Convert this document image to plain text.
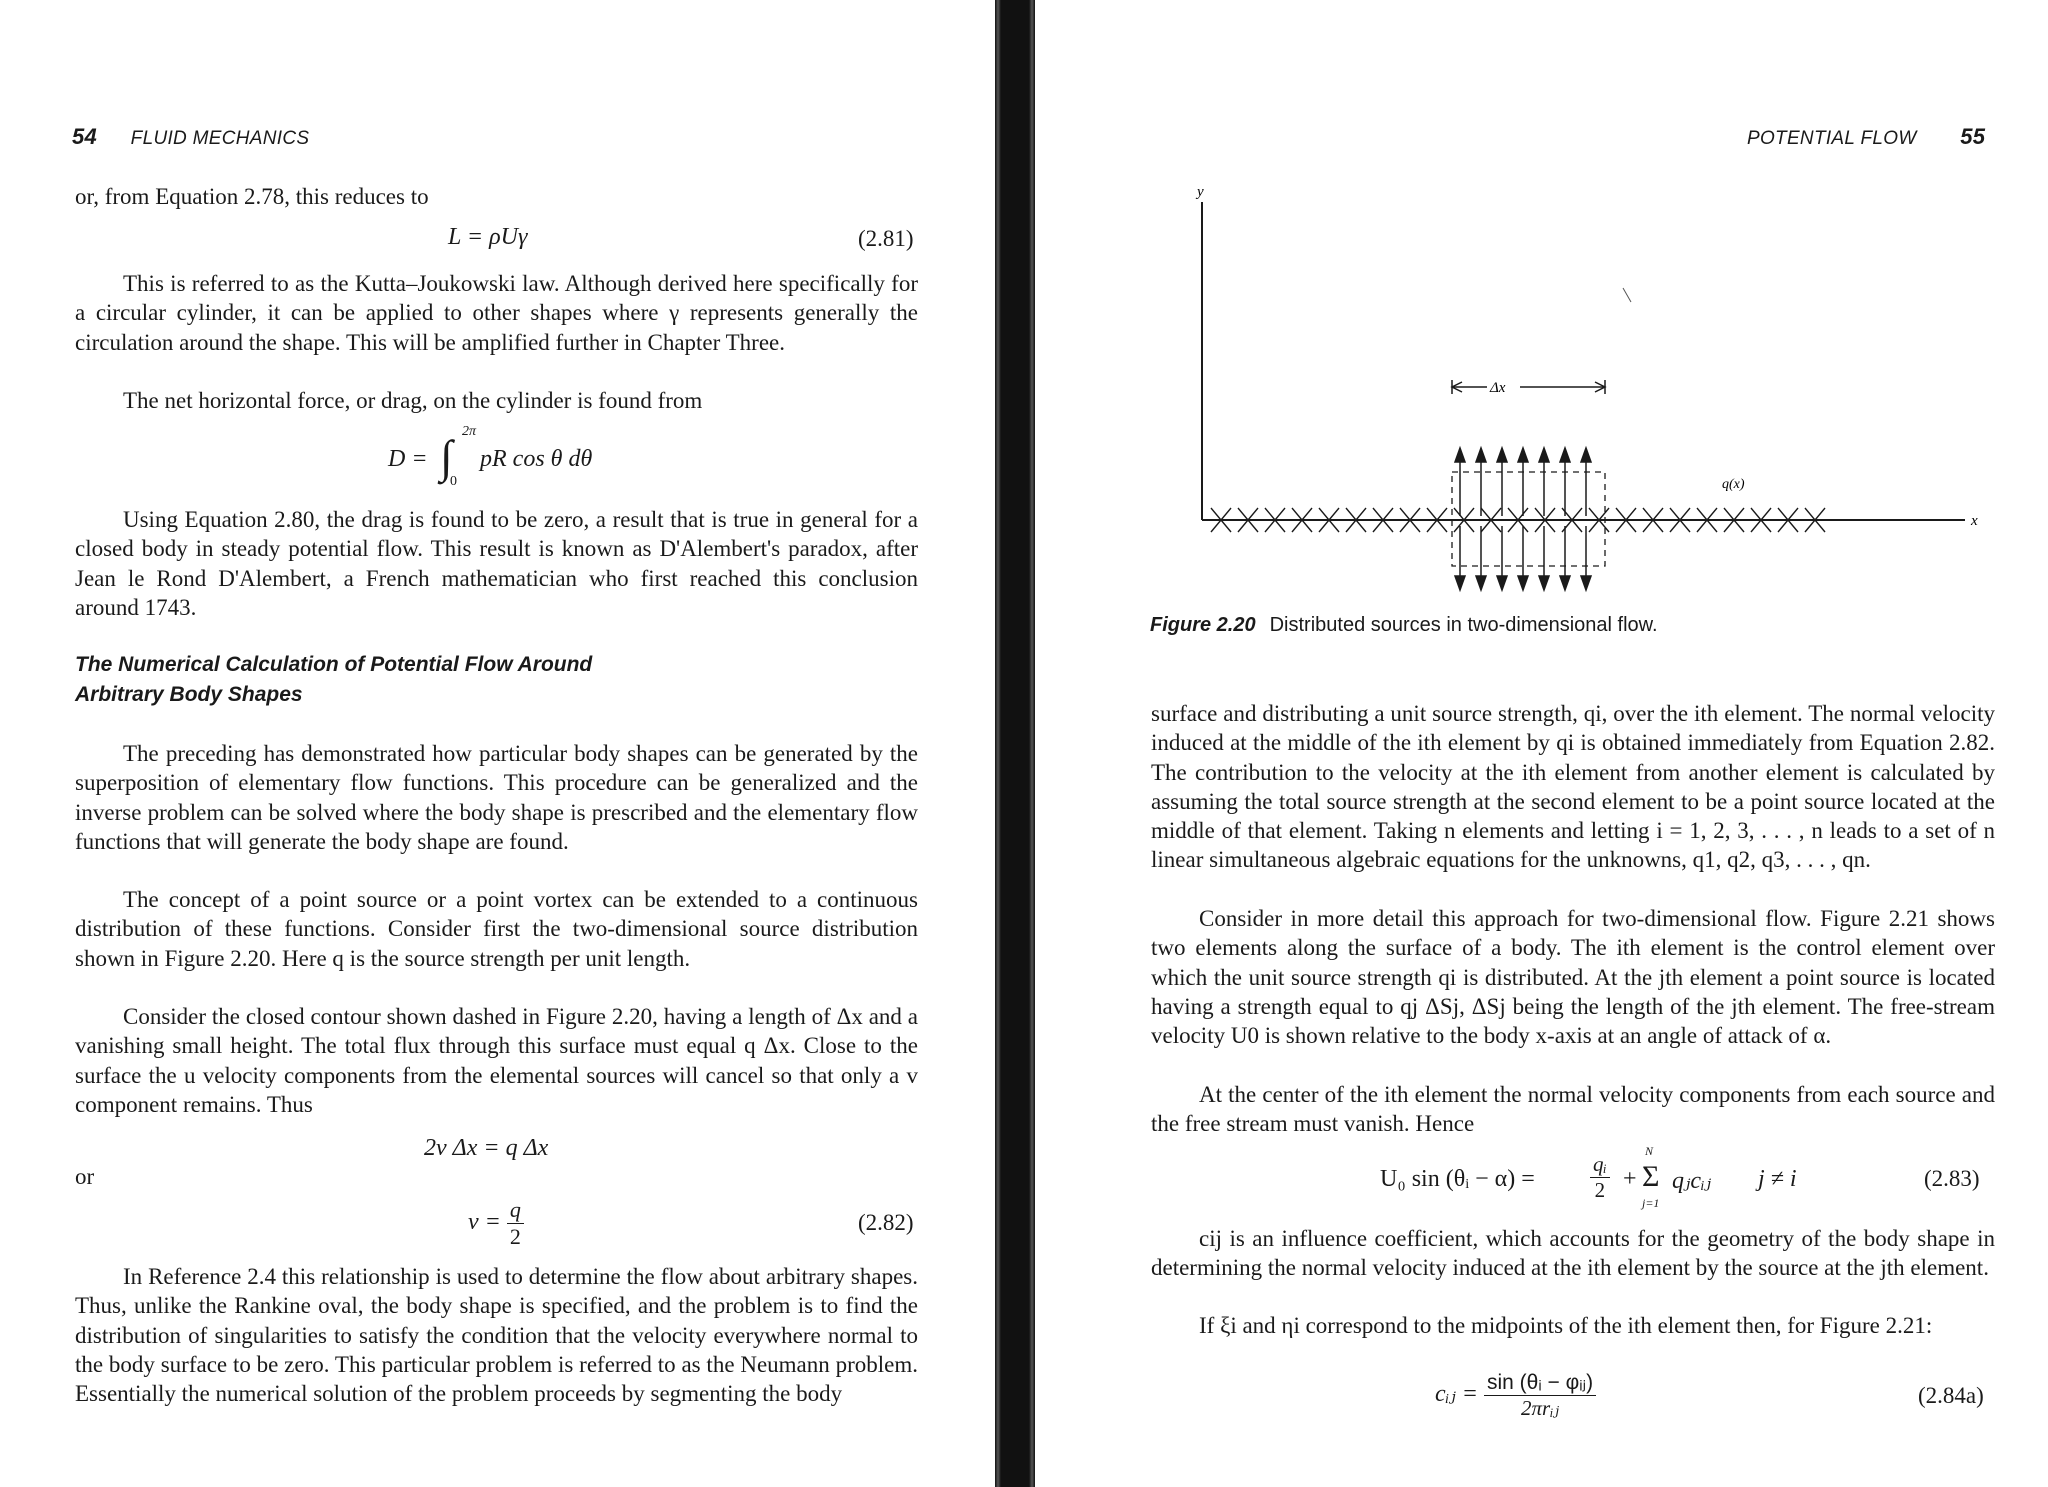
54 FLUID MECHANICS
or, from Equation 2.78, this reduces to
L = ρUγ	(2.81)
This is referred to as the Kutta–Joukowski law. Although derived here specifically for a circular cylinder, it can be applied to other shapes where γ represents generally the circulation around the shape. This will be amplified further in Chapter Three.
The net horizontal force, or drag, on the cylinder is found from
D = ∫ 2π
0
pR cos θ dθ
Using Equation 2.80, the drag is found to be zero, a result that is true in general for a closed body in steady potential flow. This result is known as D'Alembert's paradox, after Jean le Rond D'Alembert, a French mathematician who first reached this conclusion around 1743.
The Numerical Calculation of Potential Flow Around
Arbitrary Body Shapes
The preceding has demonstrated how particular body shapes can be generated by the superposition of elementary flow functions. This procedure can be generalized and the inverse problem can be solved where the body shape is prescribed and the elementary flow functions that will generate the body shape are found.
The concept of a point source or a point vortex can be extended to a continuous distribution of these functions. Consider first the two-dimensional source distribution shown in Figure 2.20. Here q is the source strength per unit length.
Consider the closed contour shown dashed in Figure 2.20, having a length of Δx and a vanishing small height. The total flux through this surface must equal q Δx. Close to the surface the u velocity components from the elemental sources will cancel so that only a v component remains. Thus
2v Δx = q Δx
or
$v = \frac{q}{2}$	(2.82)
In Reference 2.4 this relationship is used to determine the flow about arbitrary shapes. Thus, unlike the Rankine oval, the body shape is specified, and the problem is to find the distribution of singularities to satisfy the condition that the velocity everywhere normal to the body surface to be zero. This particular problem is referred to as the Neumann problem. Essentially the numerical solution of the problem proceeds by segmenting the body
POTENTIAL FLOW 55
y
x
Δx
q(x)
Figure 2.20 Distributed sources in two-dimensional flow.
surface and distributing a unit source strength, qi, over the ith element. The normal velocity induced at the middle of the ith element by qi is obtained immediately from Equation 2.82. The contribution to the velocity at the ith element from another element is calculated by assuming the total source strength at the second element to be a point source located at the middle of that element. Taking n elements and letting i = 1, 2, 3, . . . , n leads to a set of n linear simultaneous algebraic equations for the unknowns, q1, q2, q3, . . . , qn.
Consider in more detail this approach for two-dimensional flow. Figure 2.21 shows two elements along the surface of a body. The ith element is the control element over which the unit source strength qi is distributed. At the jth element a point source is located having a strength equal to qj ΔSj, ΔSj being the length of the jth element. The free-stream velocity U0 is shown relative to the body x-axis at an angle of attack of α.
At the center of the ith element the normal velocity components from each source and the free stream must vanish. Hence
U₀ sin (θᵢ − α) =	$\frac{\text{qᵢ}}{2}$ +
N
Σ
j=1
qⱼcᵢⱼ j ≠ i	(2.83)
cij is an influence coefficient, which accounts for the geometry of the body shape in determining the normal velocity induced at the ith element by the source at the jth element.
If ξi and ηi correspond to the midpoints of the ith element then, for Figure 2.21:
cᵢⱼ = $\frac{\text{sin (θᵢ − φᵢⱼ)}}{\text{2πrᵢⱼ}}$	(2.84a)
